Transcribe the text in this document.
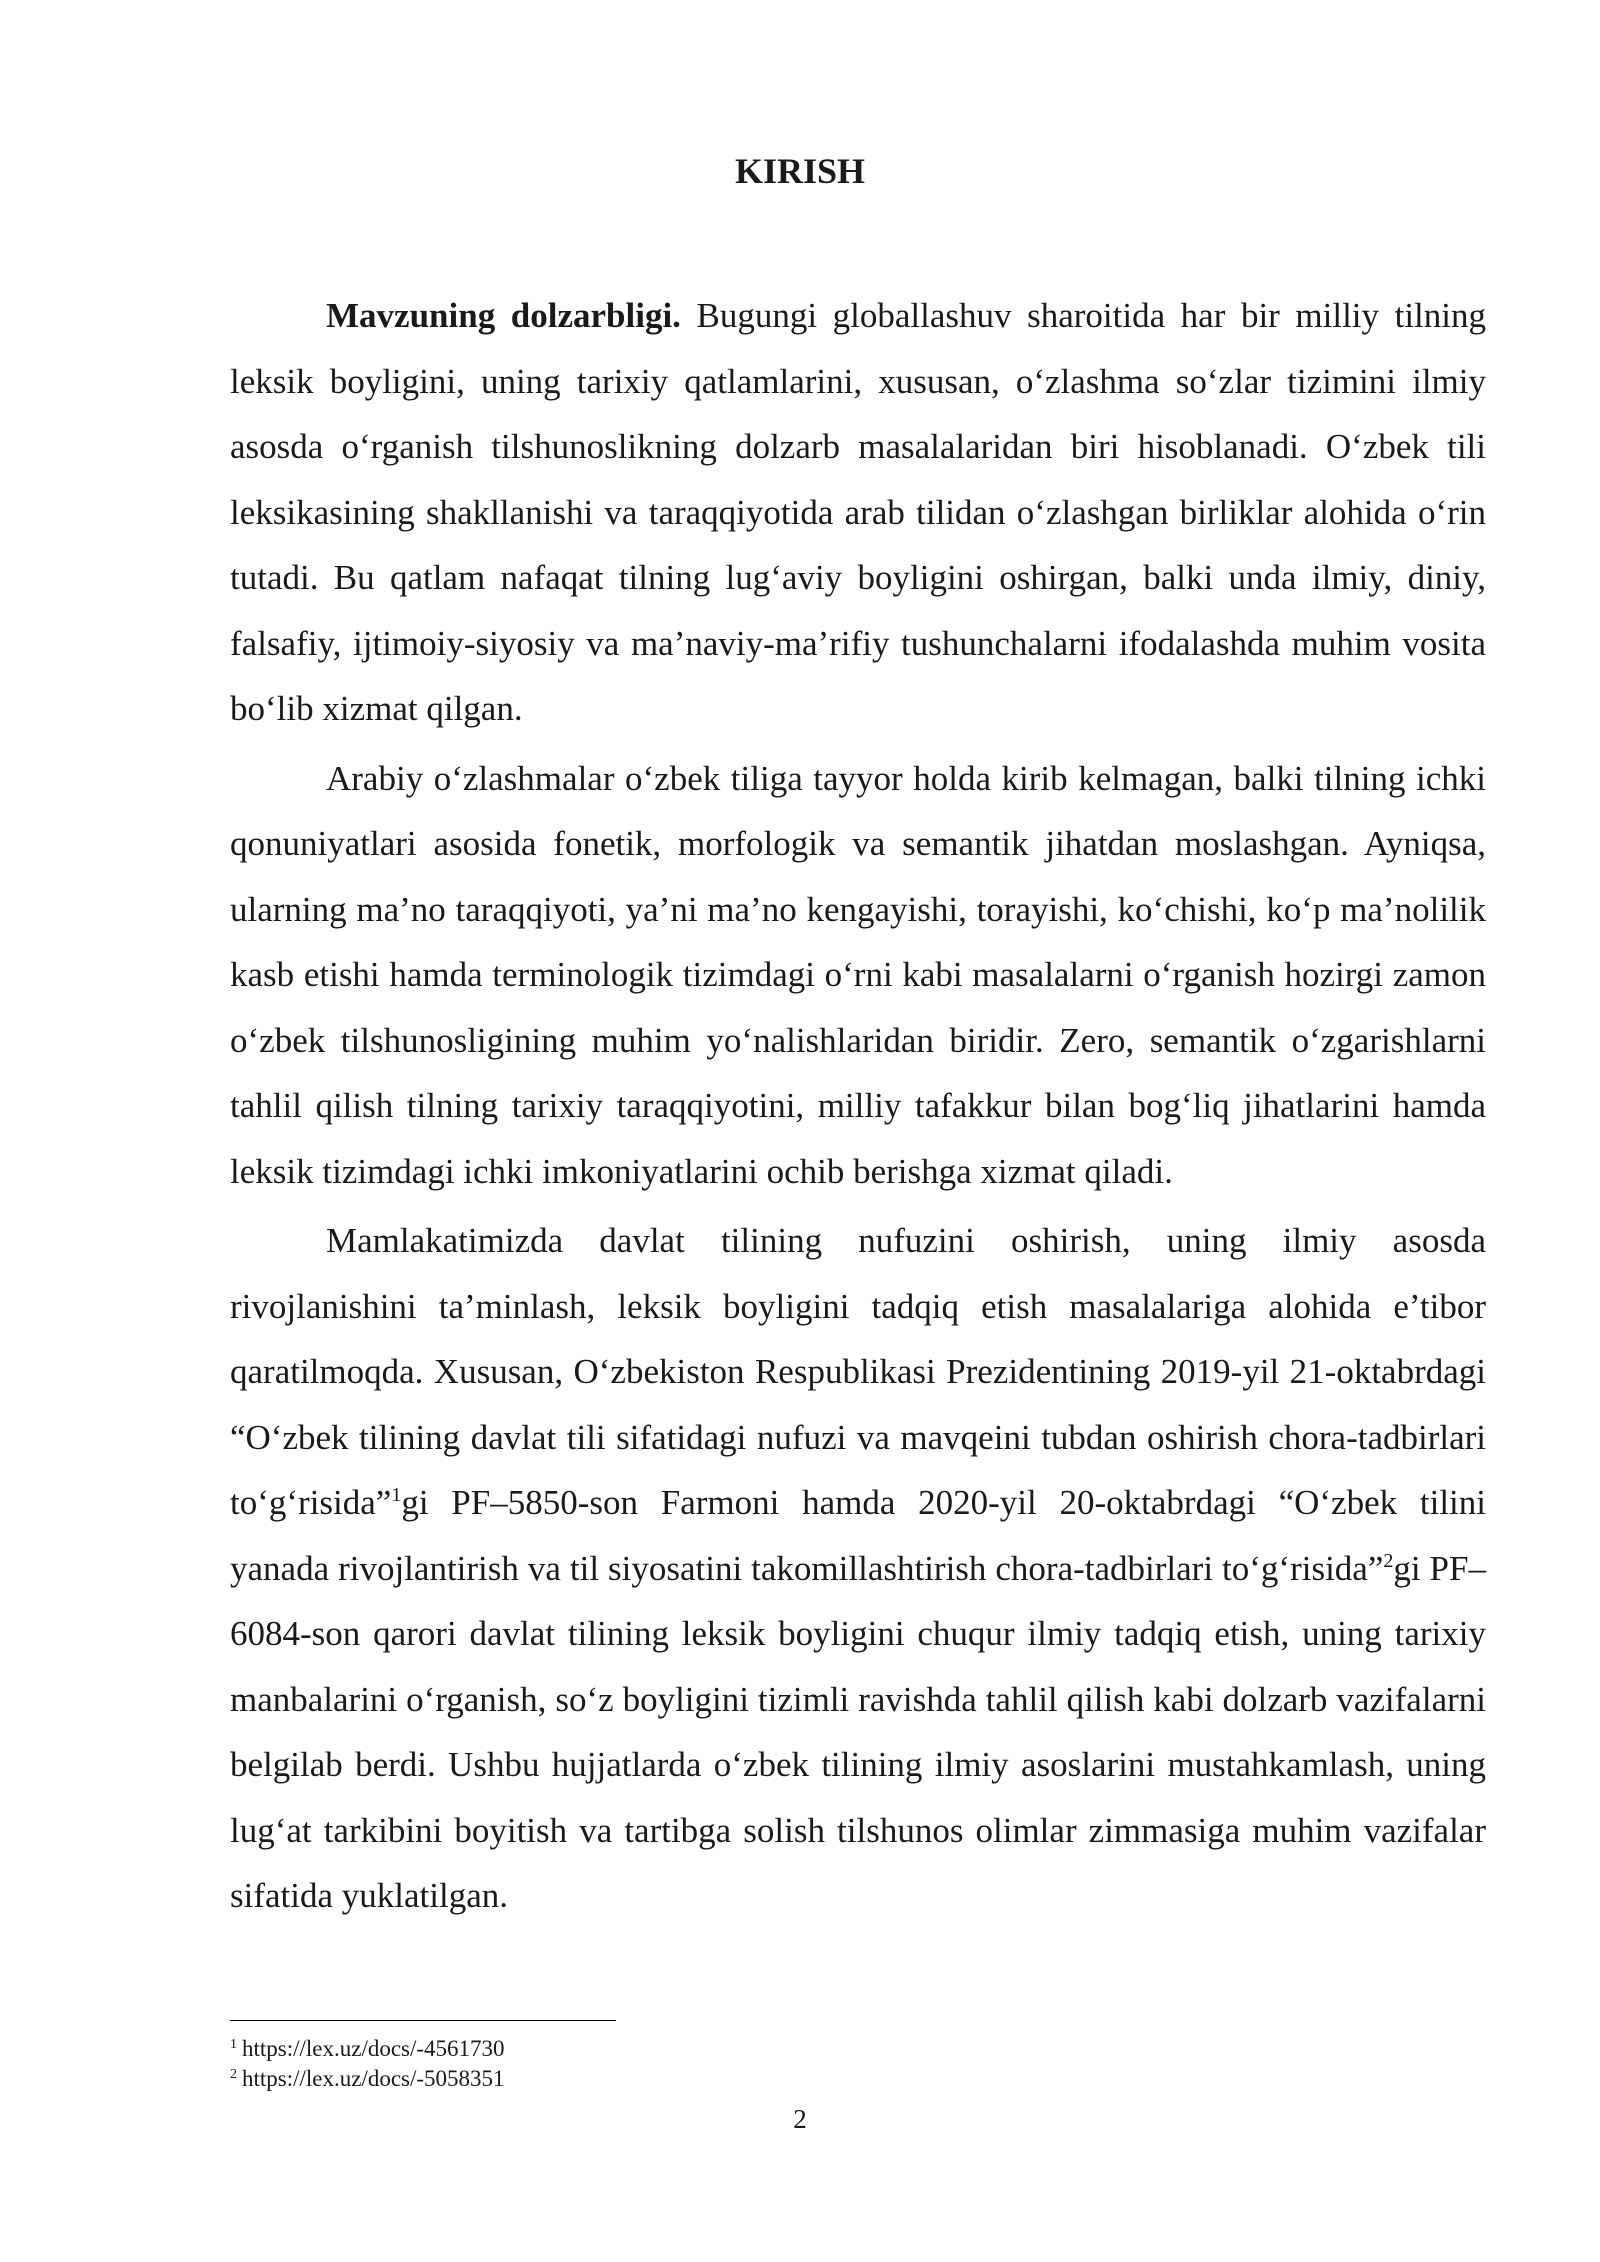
KIRISH

Mavzuning dolzarbligi. Bugungi globallashuv sharoitida har bir milliy tilning leksik boyligini, uning tarixiy qatlamlarini, xususan, o‘zlashma so‘zlar tizimini ilmiy asosda o‘rganish tilshunoslikning dolzarb masalalaridan biri hisoblanadi. O‘zbek tili leksikasining shakllanishi va taraqqiyotida arab tilidan o‘zlashgan birliklar alohida o‘rin tutadi. Bu qatlam nafaqat tilning lug‘aviy boyligini oshirgan, balki unda ilmiy, diniy, falsafiy, ijtimoiy-siyosiy va ma’naviy-ma’rifiy tushunchalarni ifodalashda muhim vosita bo‘lib xizmat qilgan.

Arabiy o‘zlashmalar o‘zbek tiliga tayyor holda kirib kelmagan, balki tilning ichki qonuniyatlari asosida fonetik, morfologik va semantik jihatdan moslashgan. Ayniqsa, ularning ma’no taraqqiyoti, ya’ni ma’no kengayishi, torayishi, ko‘chishi, ko‘p ma’nolilik kasb etishi hamda terminologik tizimdagi o‘rni kabi masalalarni o‘rganish hozirgi zamon o‘zbek tilshunosligining muhim yo‘nalishlaridan biridir. Zero, semantik o‘zgarishlarni tahlil qilish tilning tarixiy taraqqiyotini, milliy tafakkur bilan bog‘liq jihatlarini hamda leksik tizimdagi ichki imkoniyatlarini ochib berishga xizmat qiladi.

Mamlakatimizda davlat tilining nufuzini oshirish, uning ilmiy asosda rivojlanishini ta’minlash, leksik boyligini tadqiq etish masalalariga alohida e’tibor qaratilmoqda. Xususan, O‘zbekiston Respublikasi Prezidentining 2019-yil 21-oktabrdagi “O‘zbek tilining davlat tili sifatidagi nufuzi va mavqeini tubdan oshirish chora-tadbirlari to‘g‘risida”$^1$gi PF–5850-son Farmoni hamda 2020-yil 20-oktabrdagi “O‘zbek tilini yanada rivojlantirish va til siyosatini takomillashtirish chora-tadbirlari to‘g‘risida”$^2$gi PF–6084-son qarori davlat tilining leksik boyligini chuqur ilmiy tadqiq etish, uning tarixiy manbalarini o‘rganish, so‘z boyligini tizimli ravishda tahlil qilish kabi dolzarb vazifalarni belgilab berdi. Ushbu hujjatlarda o‘zbek tilining ilmiy asoslarini mustahkamlash, uning lug‘at tarkibini boyitish va tartibga solish tilshunos olimlar zimmasiga muhim vazifalar sifatida yuklatilgan.

$^1$ https://lex.uz/docs/-4561730
$^2$ https://lex.uz/docs/-5058351
2
